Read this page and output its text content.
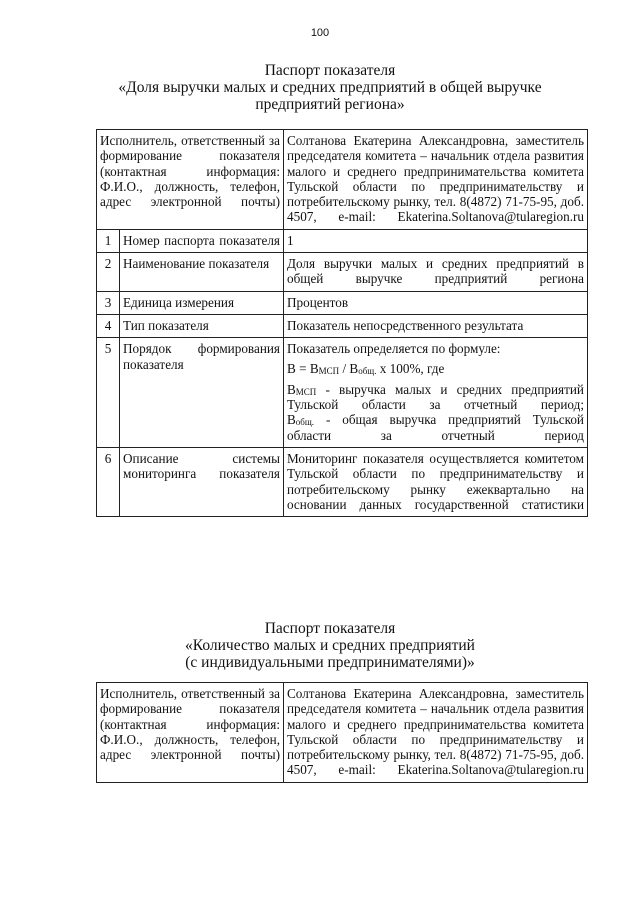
100
Паспорт показателя
«Доля выручки малых и средних предприятий в общей выручке
предприятий региона»
Исполнитель, ответственный за формирование показателя (контактная информация: Ф.И.О., должность, телефон, адрес электронной почты)		Солтанова Екатерина Александровна, заместитель председателя комитета – начальник отдела развития малого и среднего предпринимательства комитета Тульской области по предпринимательству и потребительскому рынку, тел. 8(4872) 71-75-95, доб. 4507, e-mail: Ekaterina.Soltanova@tularegion.ru
1	Номер паспорта показателя	1
2	Наименование показателя	Доля выручки малых и средних предприятий в общей выручке предприятий региона
3	Единица измерения	Процентов
4	Тип показателя	Показатель непосредственного результата
5	Порядок формирования показателя	Показатель определяется по формуле:
$В = В_{МСП} / В_{общ.}$ х 100%, где
$В_{МСП}$ - выручка малых и средних предприятий Тульской области за отчетный период;
$В_{общ.}$ - общая выручка предприятий Тульской области за отчетный период

6	Описание системы мониторинга показателя	Мониторинг показателя осуществляется комитетом Тульской области по предпринимательству и потребительскому рынку ежеквартально на основании данных государственной статистики
Паспорт показателя
«Количество малых и средних предприятий
(с индивидуальными предпринимателями)»
Исполнитель, ответственный за формирование показателя (контактная информация: Ф.И.О., должность, телефон, адрес электронной почты)	Солтанова Екатерина Александровна, заместитель председателя комитета – начальник отдела развития малого и среднего предпринимательства комитета Тульской области по предпринимательству и потребительскому рынку, тел. 8(4872) 71-75-95, доб. 4507, e-mail: Ekaterina.Soltanova@tularegion.ru
